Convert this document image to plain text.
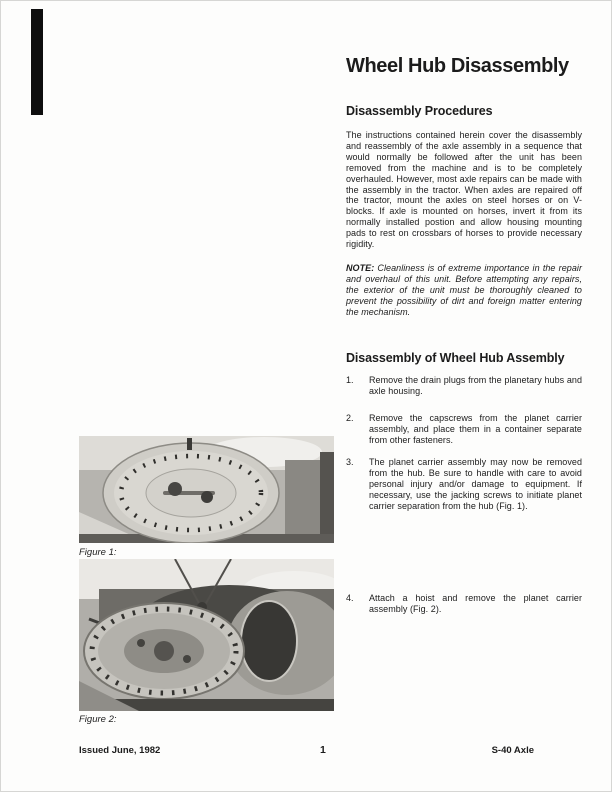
Wheel Hub Disassembly
Disassembly Procedures
The instructions contained herein cover the disassembly and reassembly of the axle assembly in a sequence that would normally be followed after the unit has been removed from the machine and is to be completely overhauled. However, most axle repairs can be made with the assembly in the tractor. When axles are repaired off the tractor, mount the axles on steel horses or on V-blocks. If axle is mounted on horses, invert it from its normally installed postion and allow housing mounting pads to rest on crossbars of horses to provide necessary rigidity.
NOTE: Cleanliness is of extreme importance in the repair and overhaul of this unit. Before attempting any repairs, the exterior of the unit must be thoroughly cleaned to prevent the possibility of dirt and foreign matter entering the mechanism.
Disassembly of Wheel Hub Assembly
1. Remove the drain plugs from the planetary hubs and axle housing.
2. Remove the capscrews from the planet carrier assembly, and place them in a container separate from other fasteners.
3. The planet carrier assembly may now be removed from the hub. Be sure to handle with care to avoid personal injury and/or damage to equipment. If necessary, use the jacking screws to initiate planet carrier separation from the hub (Fig. 1).
4. Attach a hoist and remove the planet carrier assembly (Fig. 2).
Figure 1:
Figure 2:
Issued June, 1982	1	S-40 Axle
